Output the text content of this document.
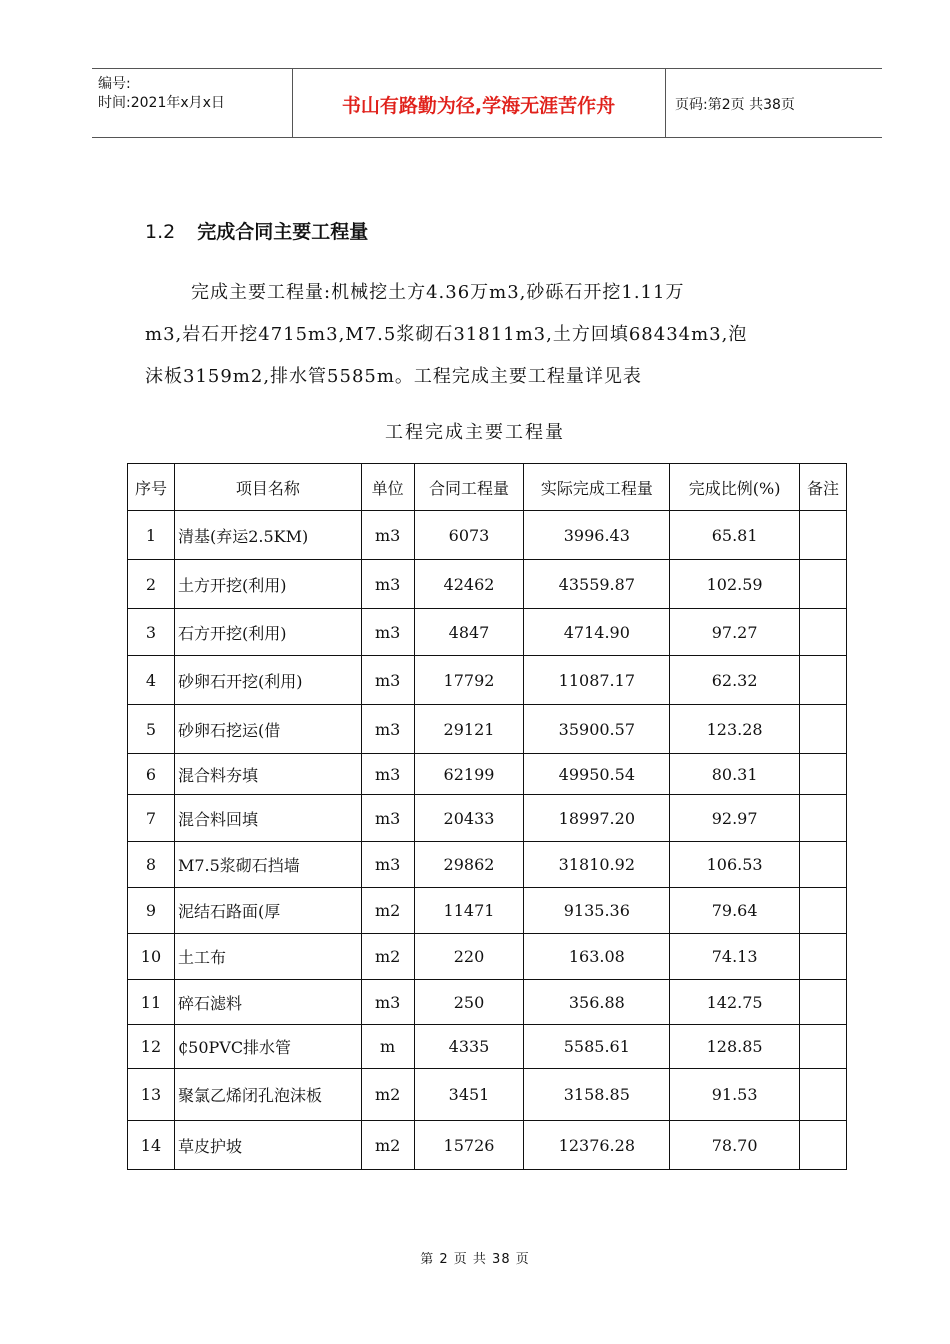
编号:
时间:2021年x月x日	书山有路勤为径,学海无涯苦作舟	页码:第2页 共38页
1.2 完成合同主要工程量

完成主要工程量:机械挖土方4.36万m3,砂砾石开挖1.11万

m3,岩石开挖4715m3,M7.5浆砌石31811m3,土方回填68434m3,泡

沫板3159m2,排水管5585m。工程完成主要工程量详见表

工程完成主要工程量
序号	项目名称	单位	合同工程量	实际完成工程量	完成比例(%)	备注
1	清基(弃运2.5KM)	m3	6073	3996.43	65.81	
2	土方开挖(利用)	m3	42462	43559.87	102.59	
3	石方开挖(利用)	m3	4847	4714.90	97.27	
4	砂卵石开挖(利用)	m3	17792	11087.17	62.32	
5	砂卵石挖运(借	m3	29121	35900.57	123.28	
6	混合料夯填	m3	62199	49950.54	80.31	
7	混合料回填	m3	20433	18997.20	92.97	
8	M7.5浆砌石挡墙	m3	29862	31810.92	106.53	
9	泥结石路面(厚	m2	11471	9135.36	79.64	
10	土工布	m2	220	163.08	74.13	
11	碎石滤料	m3	250	356.88	142.75	
12	₵50PVC排水管	m	4335	5585.61	128.85	
13	聚氯乙烯闭孔泡沫板	m2	3451	3158.85	91.53	
14	草皮护坡	m2	15726	12376.28	78.70	
第 2 页 共 38 页
